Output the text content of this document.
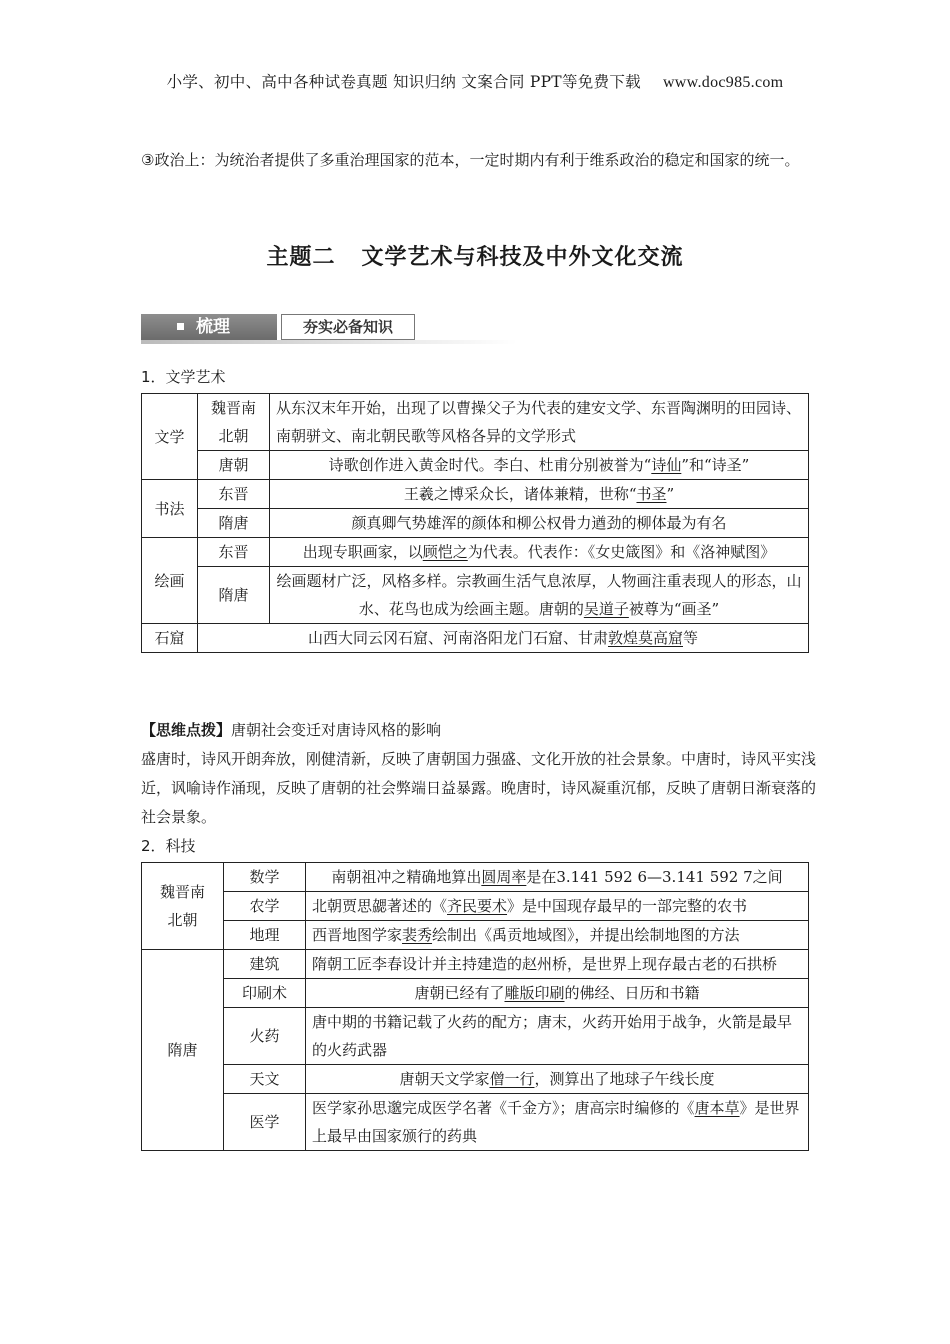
小学、初中、高中各种试卷真题 知识归纳 文案合同 PPT等免费下载 www.doc985.com
③政治上：为统治者提供了多重治理国家的范本，一定时期内有利于维系政治的稳定和国家的统一。
主题二 文学艺术与科技及中外文化交流
梳理	夯实必备知识
1．文学艺术
文学	魏晋南北朝	从东汉末年开始，出现了以曹操父子为代表的建安文学、东晋陶渊明的田园诗、南朝骈文、南北朝民歌等风格各异的文学形式
	唐朝	诗歌创作进入黄金时代。李白、杜甫分别被誉为“诗仙”和“诗圣”
书法	东晋	王羲之博采众长，诸体兼精，世称“书圣”
	隋唐	颜真卿气势雄浑的颜体和柳公权骨力遒劲的柳体最为有名
绘画	东晋	出现专职画家，以顾恺之为代表。代表作：《女史箴图》和《洛神赋图》
	隋唐	绘画题材广泛，风格多样。宗教画生活气息浓厚，人物画注重表现人的形态，山水、花鸟也成为绘画主题。唐朝的吴道子被尊为“画圣”
石窟	山西大同云冈石窟、河南洛阳龙门石窟、甘肃敦煌莫高窟等	
【思维点拨】唐朝社会变迁对唐诗风格的影响
盛唐时，诗风开朗奔放，刚健清新，反映了唐朝国力强盛、文化开放的社会景象。中唐时，诗风平实浅近，讽喻诗作涌现，反映了唐朝的社会弊端日益暴露。晚唐时，诗风凝重沉郁，反映了唐朝日渐衰落的社会景象。
2．科技
魏晋南北朝	数学	南朝祖冲之精确地算出圆周率是在3.141 592 6—3.141 592 7之间
	农学	北朝贾思勰著述的《齐民要术》是中国现存最早的一部完整的农书
	地理	西晋地图学家裴秀绘制出《禹贡地域图》，并提出绘制地图的方法
隋唐	建筑	隋朝工匠李春设计并主持建造的赵州桥，是世界上现存最古老的石拱桥
	印刷术	唐朝已经有了雕版印刷的佛经、日历和书籍
	火药	唐中期的书籍记载了火药的配方；唐末，火药开始用于战争，火箭是最早的火药武器
	天文	唐朝天文学家僧一行，测算出了地球子午线长度
	医学	医学家孙思邈完成医学名著《千金方》；唐高宗时编修的《唐本草》是世界上最早由国家颁行的药典
